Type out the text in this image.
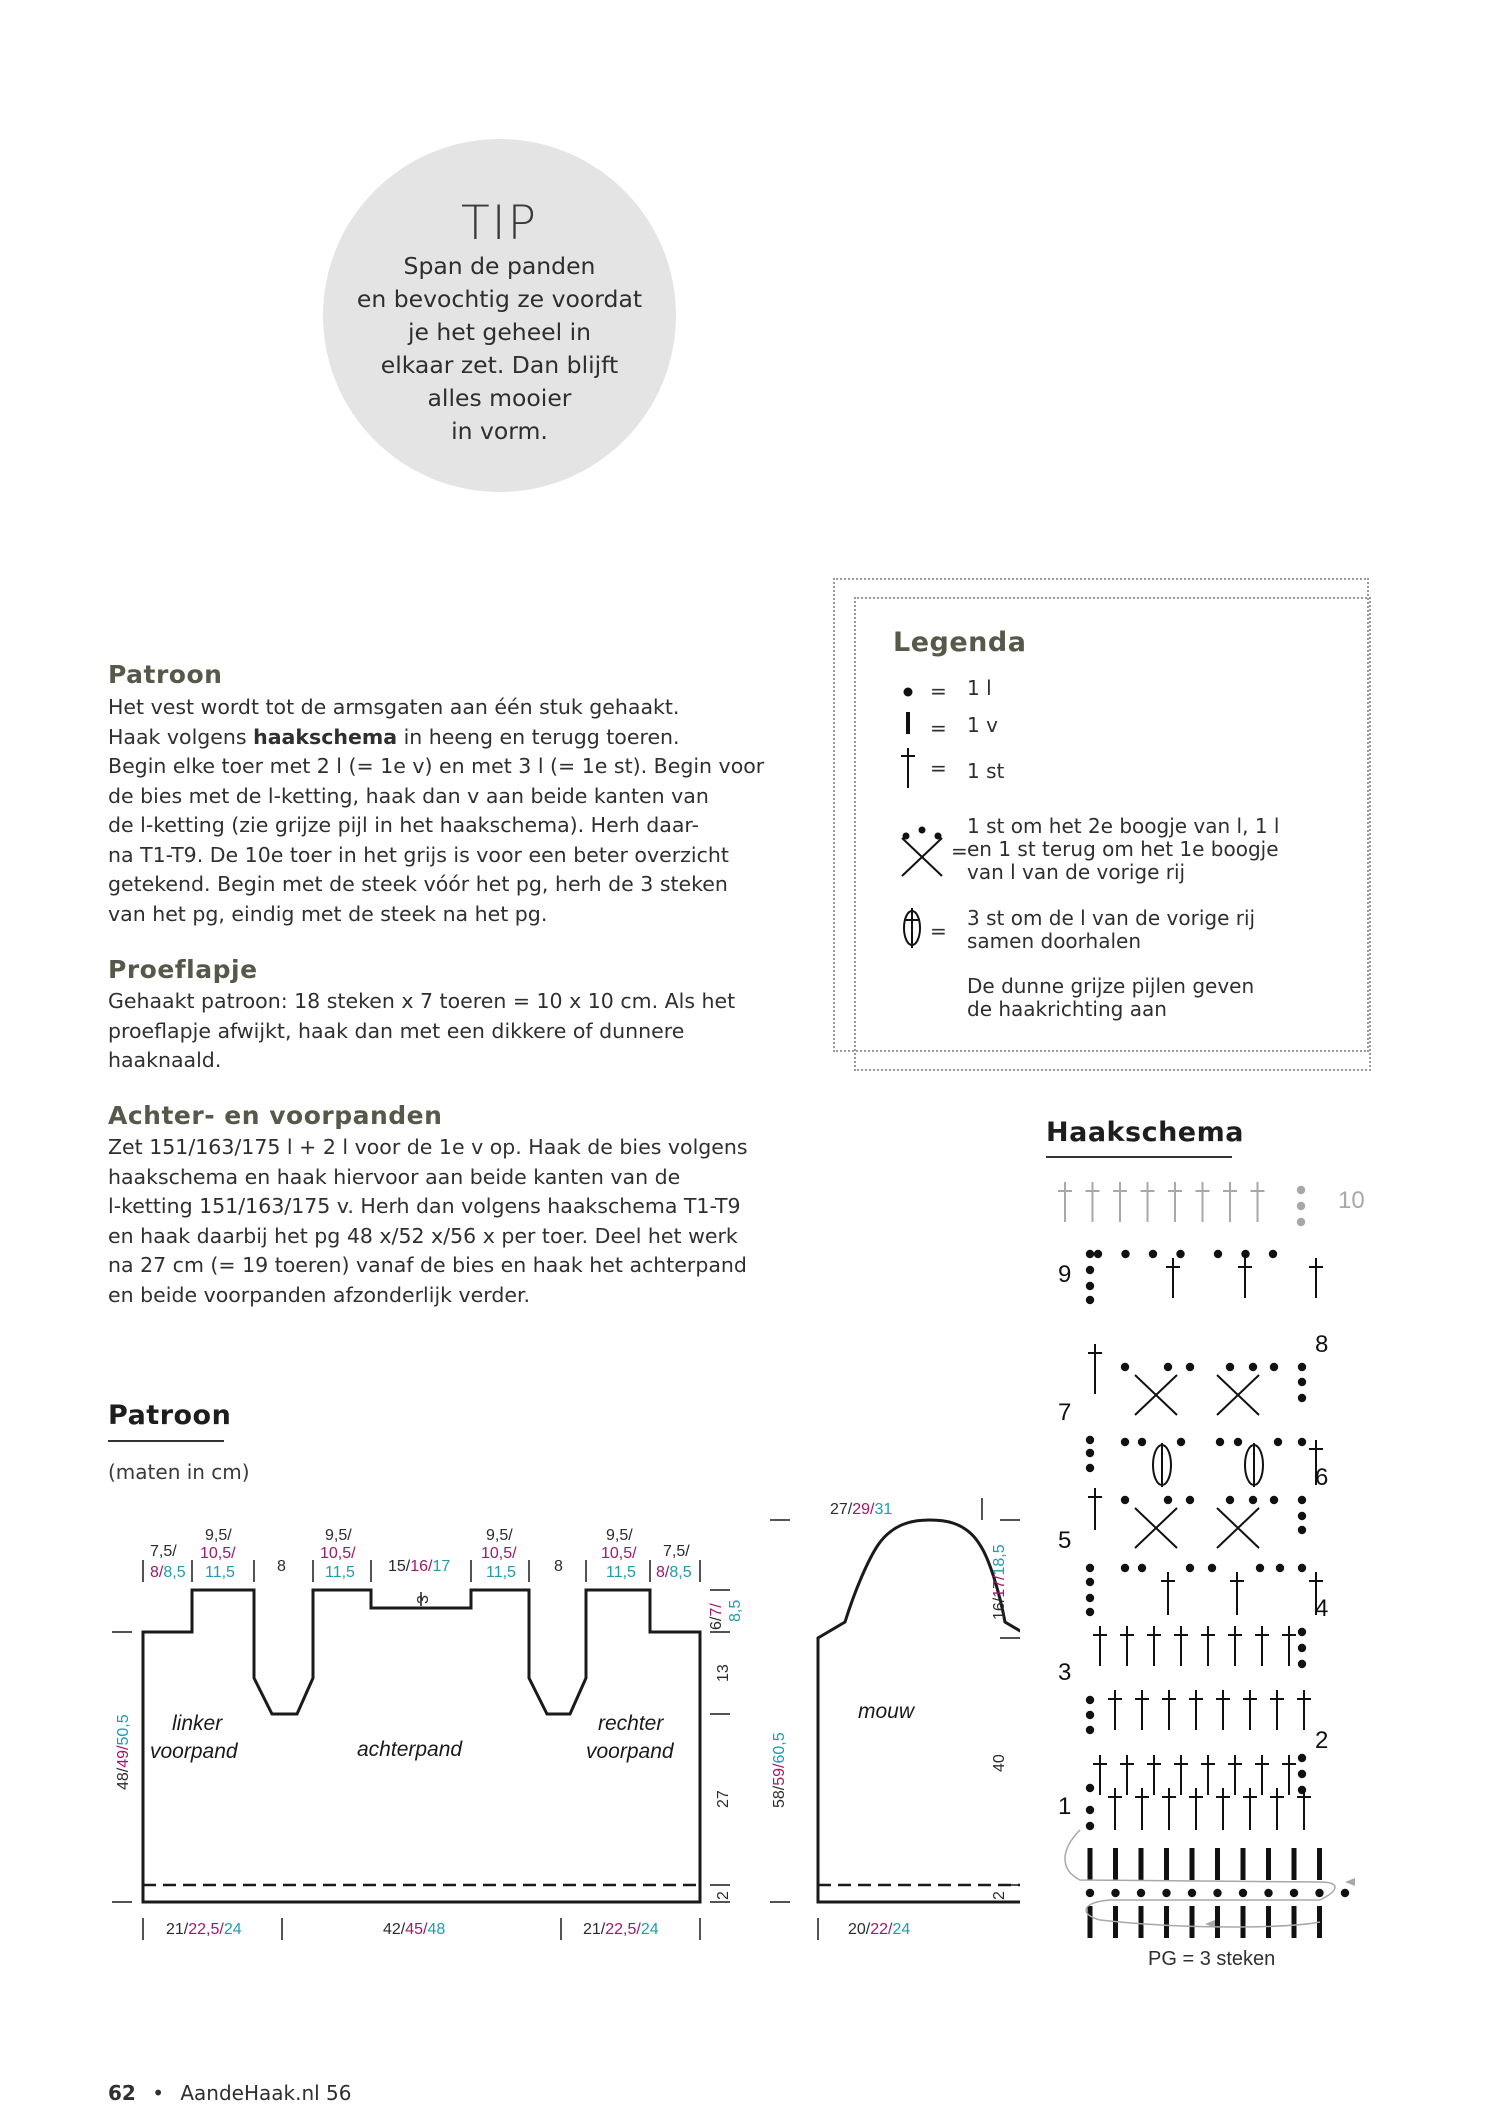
TIP
Span de panden
en bevochtig ze voordat
je het geheel in
elkaar zet. Dan blijft
alles mooier
in vorm.
Patroon
Het vest wordt tot de armsgaten aan één stuk gehaakt.
Haak volgens haakschema in heeng en terugg toeren.
Begin elke toer met 2 l (= 1e v) en met 3 l (= 1e st). Begin voor
de bies met de l-ketting, haak dan v aan beide kanten van
de l-ketting (zie grijze pijl in het haakschema). Herh daar-
na T1-T9. De 10e toer in het grijs is voor een beter overzicht
getekend. Begin met de steek vóór het pg, herh de 3 steken
van het pg, eindig met de steek na het pg.
Proeflapje
Gehaakt patroon: 18 steken x 7 toeren = 10 x 10 cm. Als het
proeflapje afwijkt, haak dan met een dikkere of dunnere
haaknaald.
Achter- en voorpanden
Zet 151/163/175 l + 2 l voor de 1e v op. Haak de bies volgens
haakschema en haak hiervoor aan beide kanten van de
l-ketting 151/163/175 v. Herh dan volgens haakschema T1-T9
en haak daarbij het pg 48 x/52 x/56 x per toer. Deel het werk
na 27 cm (= 19 toeren) vanaf de bies en haak het achterpand
en beide voorpanden afzonderlijk verder.
Legenda
= 1 l
= 1 v
= 1 st
=
1 st om het 2e boogje van l, 1 l
en 1 st terug om het 1e boogje
van l van de vorige rij
=
3 st om de l van de vorige rij
samen doorhalen
De dunne grijze pijlen geven
de haakrichting aan
Haakschema
10
9
8
7
6
5
4
3
2
1
PG = 3 steken
Patroon
(maten in cm)
linker
voorpand	achterpand
rechter
voorpand
mouw
7,5/
8/8,5
9,5/
10,5/
11,5	8
9,5/
10,5/
11,5 15/16/17
9,5/
10,5/
11,5 8
9,5/
10,5/
11,5
7,5/
8/8,5
3
6/7/ 8,5
13
27
2
48/49/50,5
21/22,5/24	42/45/48	21/22,5/24
27/29/31
58/59/60,5
16/17/18,5
40
2
20/22/24
62 • AandeHaak.nl 56
